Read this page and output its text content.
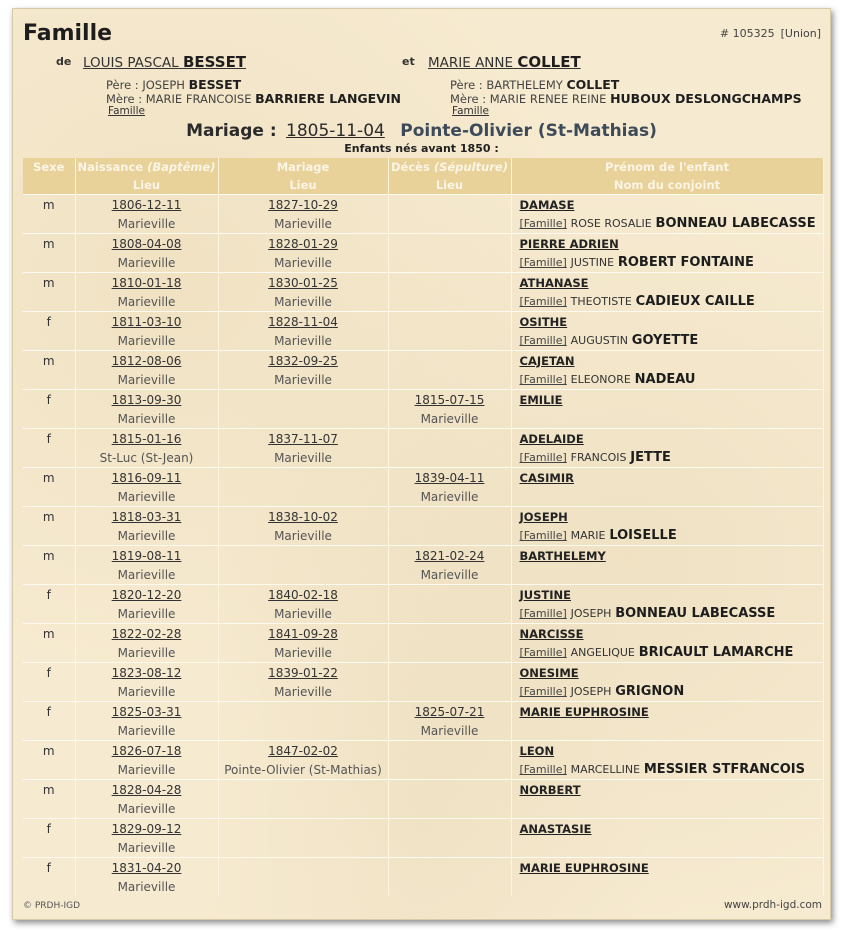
Famille	# 105325 [Union]
de LOUIS PASCAL BESSET
Père : JOSEPH BESSET
Mère : MARIE FRANCOISE BARRIERE LANGEVIN
Famille
et MARIE ANNE COLLET
Père : BARTHELEMY COLLET
Mère : MARIE RENEE REINE HUBOUX DESLONGCHAMPS
Famille
Mariage : 1805-11-04 Pointe-Olivier (St-Mathias)
Enfants nés avant 1850 :
Sexe	Naissance (Baptême)	Mariage	Décès (Sépulture)	Prénom de l'enfant
	Lieu	Lieu	Lieu	Nom du conjoint
m	1806-12-11	1827-10-29		DAMASE
	Marieville	Marieville		[Famille] ROSE ROSALIE BONNEAU LABECASSE
m	1808-04-08	1828-01-29		PIERRE ADRIEN
	Marieville	Marieville		[Famille] JUSTINE ROBERT FONTAINE
m	1810-01-18	1830-01-25		ATHANASE
	Marieville	Marieville		[Famille] THEOTISTE CADIEUX CAILLE
f	1811-03-10	1828-11-04		OSITHE
	Marieville	Marieville		[Famille] AUGUSTIN GOYETTE
m	1812-08-06	1832-09-25		CAJETAN
	Marieville	Marieville		[Famille] ELEONORE NADEAU
f	1813-09-30		1815-07-15	EMILIE
	Marieville		Marieville	
f	1815-01-16	1837-11-07		ADELAIDE
	St-Luc (St-Jean)	Marieville		[Famille] FRANCOIS JETTE
m	1816-09-11		1839-04-11	CASIMIR
	Marieville		Marieville	
m	1818-03-31	1838-10-02		JOSEPH
	Marieville	Marieville		[Famille] MARIE LOISELLE
m	1819-08-11		1821-02-24	BARTHELEMY
	Marieville		Marieville	
f	1820-12-20	1840-02-18		JUSTINE
	Marieville	Marieville		[Famille] JOSEPH BONNEAU LABECASSE
m	1822-02-28	1841-09-28		NARCISSE
	Marieville	Marieville		[Famille] ANGELIQUE BRICAULT LAMARCHE
f	1823-08-12	1839-01-22		ONESIME
	Marieville	Marieville		[Famille] JOSEPH GRIGNON
f	1825-03-31		1825-07-21	MARIE EUPHROSINE
	Marieville		Marieville	
m	1826-07-18	1847-02-02		LEON
	Marieville	Pointe-Olivier (St-Mathias)		[Famille] MARCELLINE MESSIER STFRANCOIS
m	1828-04-28			NORBERT
	Marieville			
f	1829-09-12			ANASTASIE
	Marieville			
f	1831-04-20			MARIE EUPHROSINE
	Marieville			
© PRDH-IGD	www.prdh-igd.com
